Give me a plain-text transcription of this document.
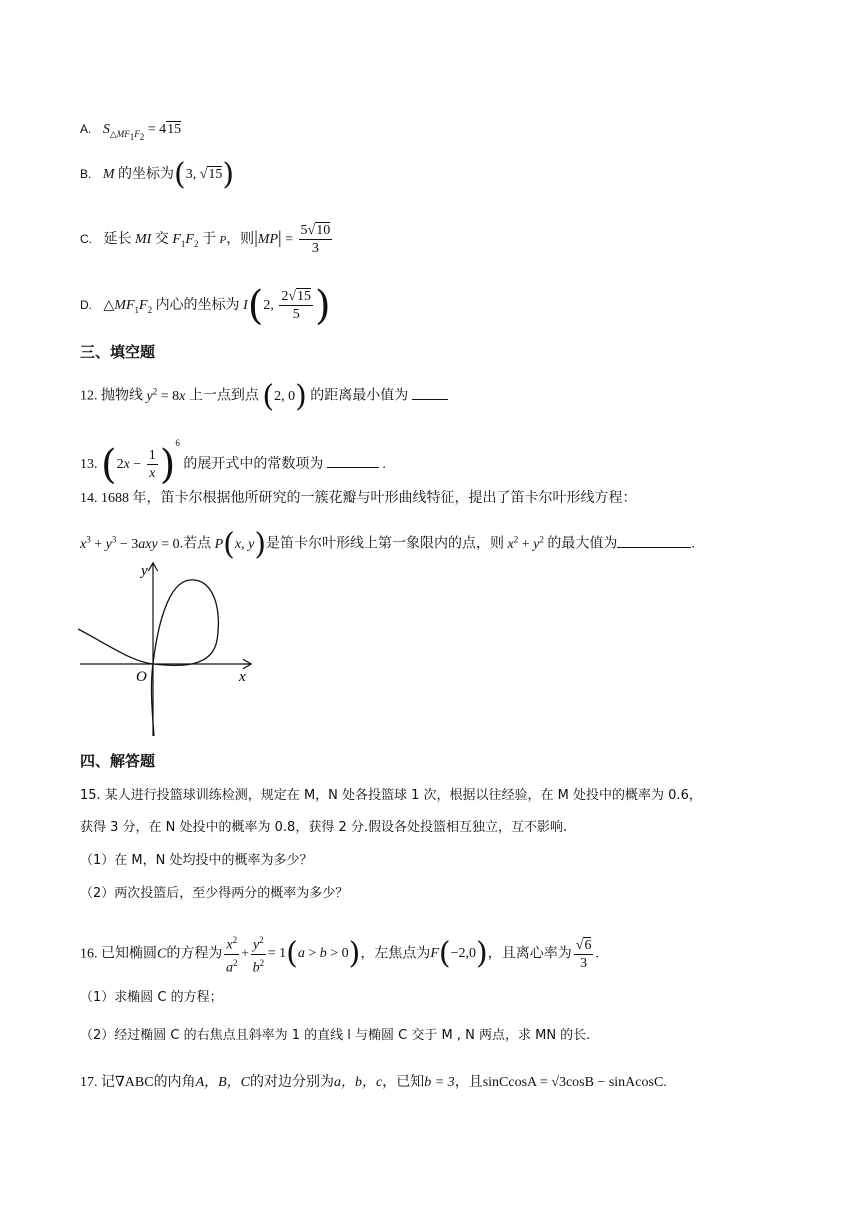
A. $S_{\triangle MF_1F_2} = 415$
B. M 的坐标为(3, √15)
C. 延长 MI 交 $F_1F_2$ 于 P，则$|MP| = \frac{5√10}{3}$
D. $\triangle MF_1F_2$ 内心的坐标为 I(2, $\frac{2√15}{5}$ )
三、填空题
12. 抛物线 $y^2 = 8x$ 上一点到点 (2, 0) 的距离最小值为
13. $(2x - \frac{1}{x} )^6$ 的展开式中的常数项为	.
14. 1688 年，笛卡尔根据他所研究的一簇花瓣与叶形曲线特征，提出了笛卡尔叶形线方程：
$x^3 + y^3 - 3axy = 0$.若点 P(x, y)是笛卡尔叶形线上第一象限内的点，则 $x^2 + y^2$ 的最大值为	.
y
x
O
四、解答题
15. 某人进行投篮球训练检测，规定在 M，N 处各投篮球 1 次，根据以往经验，在 M 处投中的概率为 0.6，
获得 3 分，在 N 处投中的概率为 0.8，获得 2 分.假设各处投篮相互独立，互不影响.
（1）在 M，N 处均投中的概率为多少？
（2）两次投篮后，至少得两分的概率为多少？
16. 已知椭圆C的方程为 $\frac{x^2}{a^2} + \frac{y^2}{b^2} = 1(a > b > 0)$，左焦点为F(−2,0)，且离心率为 $\frac{√6}{3}$ .
（1）求椭圆 C 的方程；
（2）经过椭圆 C 的右焦点且斜率为 1 的直线 l 与椭圆 C 交于 M , N 两点，求 MN 的长.
17. 记∇ABC的内角A，B，C的对边分别为a，b，c，已知b = 3，且sinCcosA = √3cosB − sinAcosC.
